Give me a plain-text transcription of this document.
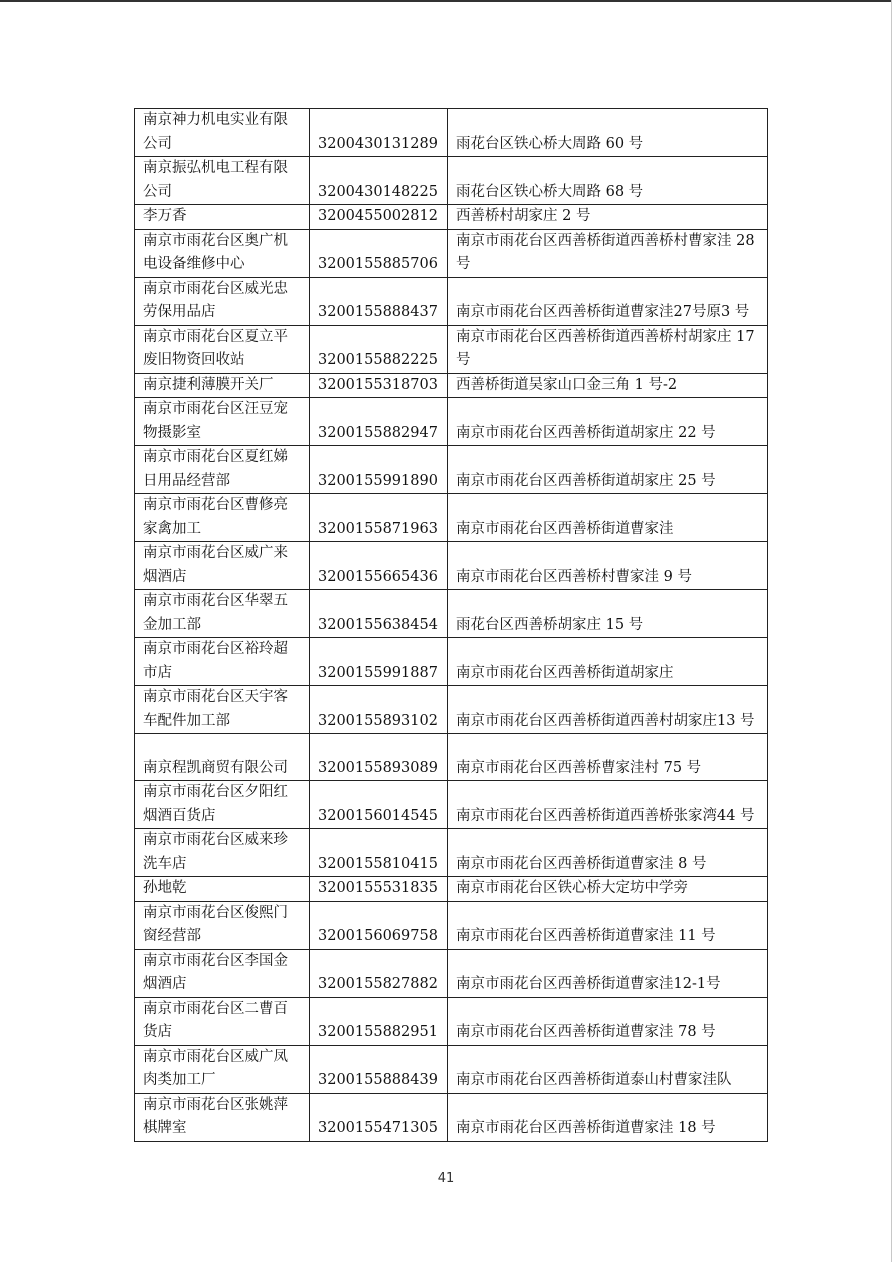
南京神力机电实业有限公司	3200430131289	雨花台区铁心桥大周路 60 号
南京振弘机电工程有限公司	3200430148225	雨花台区铁心桥大周路 68 号
李万香	3200455002812	西善桥村胡家庄 2 号
南京市雨花台区奥广机电设备维修中心	3200155885706	南京市雨花台区西善桥街道西善桥村曹家洼 28 号
南京市雨花台区威光忠劳保用品店	3200155888437	南京市雨花台区西善桥街道曹家洼27号原3 号
南京市雨花台区夏立平废旧物资回收站	3200155882225	南京市雨花台区西善桥街道西善桥村胡家庄 17 号
南京捷利薄膜开关厂	3200155318703	西善桥街道吴家山口金三角 1 号-2
南京市雨花台区汪豆宠物摄影室	3200155882947	南京市雨花台区西善桥街道胡家庄 22 号
南京市雨花台区夏红娣日用品经营部	3200155991890	南京市雨花台区西善桥街道胡家庄 25 号
南京市雨花台区曹修亮家禽加工	3200155871963	南京市雨花台区西善桥街道曹家洼
南京市雨花台区威广来烟酒店	3200155665436	南京市雨花台区西善桥村曹家洼 9 号
南京市雨花台区华翠五金加工部	3200155638454	雨花台区西善桥胡家庄 15 号
南京市雨花台区裕玲超市店	3200155991887	南京市雨花台区西善桥街道胡家庄
南京市雨花台区天宇客车配件加工部	3200155893102	南京市雨花台区西善桥街道西善村胡家庄13 号
南京程凯商贸有限公司	3200155893089	南京市雨花台区西善桥曹家洼村 75 号
南京市雨花台区夕阳红烟酒百货店	3200156014545	南京市雨花台区西善桥街道西善桥张家湾44 号
南京市雨花台区威来珍洗车店	3200155810415	南京市雨花台区西善桥街道曹家洼 8 号
孙地乾	3200155531835	南京市雨花台区铁心桥大定坊中学旁
南京市雨花台区俊熙门窗经营部	3200156069758	南京市雨花台区西善桥街道曹家洼 11 号
南京市雨花台区李国金烟酒店	3200155827882	南京市雨花台区西善桥街道曹家洼12-1号
南京市雨花台区二曹百货店	3200155882951	南京市雨花台区西善桥街道曹家洼 78 号
南京市雨花台区威广凤肉类加工厂	3200155888439	南京市雨花台区西善桥街道泰山村曹家洼队
南京市雨花台区张姚萍棋牌室	3200155471305	南京市雨花台区西善桥街道曹家洼 18 号
41
